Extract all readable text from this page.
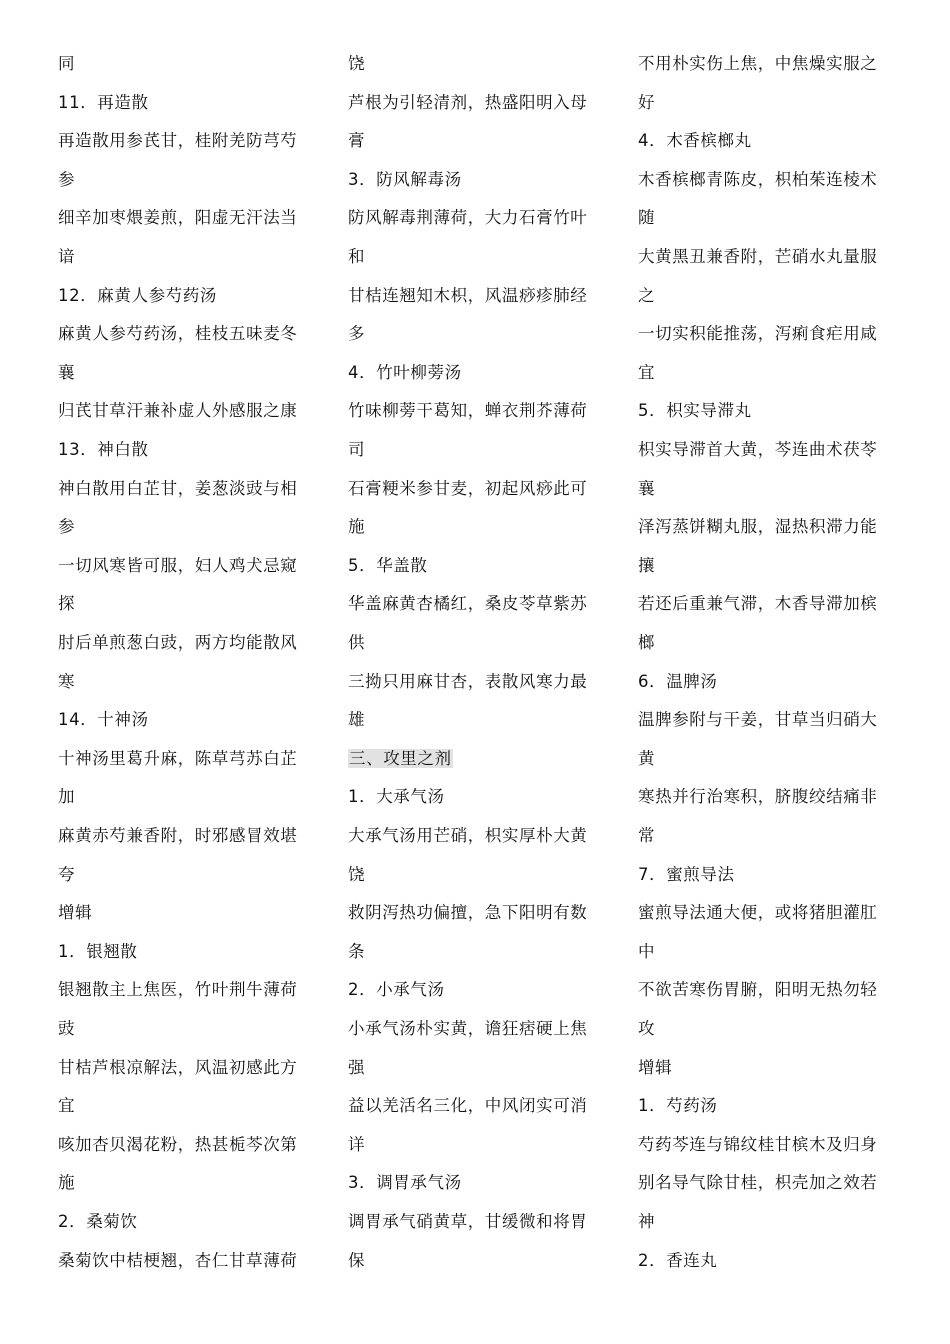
同
11．再造散
再造散用参芪甘，桂附羌防芎芍
参
细辛加枣煨姜煎，阳虚无汗法当
谙
12．麻黄人参芍药汤
麻黄人参芍药汤，桂枝五味麦冬
襄
归芪甘草汗兼补虚人外感服之康
13．神白散
神白散用白芷甘，姜葱淡豉与相
参
一切风寒皆可服，妇人鸡犬忌窥
探
肘后单煎葱白豉，两方均能散风
寒
14．十神汤
十神汤里葛升麻，陈草芎苏白芷
加
麻黄赤芍兼香附，时邪感冒效堪
夸
增辑
1．银翘散
银翘散主上焦医，竹叶荆牛薄荷
豉
甘桔芦根凉解法，风温初感此方
宜
咳加杏贝渴花粉，热甚栀芩次第
施
2．桑菊饮
桑菊饮中桔梗翘，杏仁甘草薄荷
饶
芦根为引轻清剂，热盛阳明入母
膏
3．防风解毒汤
防风解毒荆薄荷，大力石膏竹叶
和
甘桔连翘知木枳，风温痧疹肺经
多
4．竹叶柳蒡汤
竹味柳蒡干葛知，蝉衣荆芥薄荷
司
石膏粳米参甘麦，初起风痧此可
施
5．华盖散
华盖麻黄杏橘红，桑皮苓草紫苏
供
三拗只用麻甘杏，表散风寒力最
雄
三、攻里之剂
1．大承气汤
大承气汤用芒硝，枳实厚朴大黄
饶
救阴泻热功偏擅，急下阳明有数
条
2．小承气汤
小承气汤朴实黄，谵狂痞硬上焦
强
益以羌活名三化，中风闭实可消
详
3．调胃承气汤
调胃承气硝黄草，甘缓微和将胃
保
不用朴实伤上焦，中焦燥实服之
好
4．木香槟榔丸
木香槟榔青陈皮，枳柏茱连棱术
随
大黄黑丑兼香附，芒硝水丸量服
之
一切实积能推荡，泻痢食疟用咸
宜
5．枳实导滞丸
枳实导滞首大黄，芩连曲术茯苓
襄
泽泻蒸饼糊丸服，湿热积滞力能
攘
若还后重兼气滞，木香导滞加槟
榔
6．温脾汤
温脾参附与干姜，甘草当归硝大
黄
寒热并行治寒积，脐腹绞结痛非
常
7．蜜煎导法
蜜煎导法通大便，或将猪胆灌肛
中
不欲苦寒伤胃腑，阳明无热勿轻
攻
增辑
1．芍药汤
芍药芩连与锦纹桂甘槟木及归身
别名导气除甘桂，枳壳加之效若
神
2．香连丸
